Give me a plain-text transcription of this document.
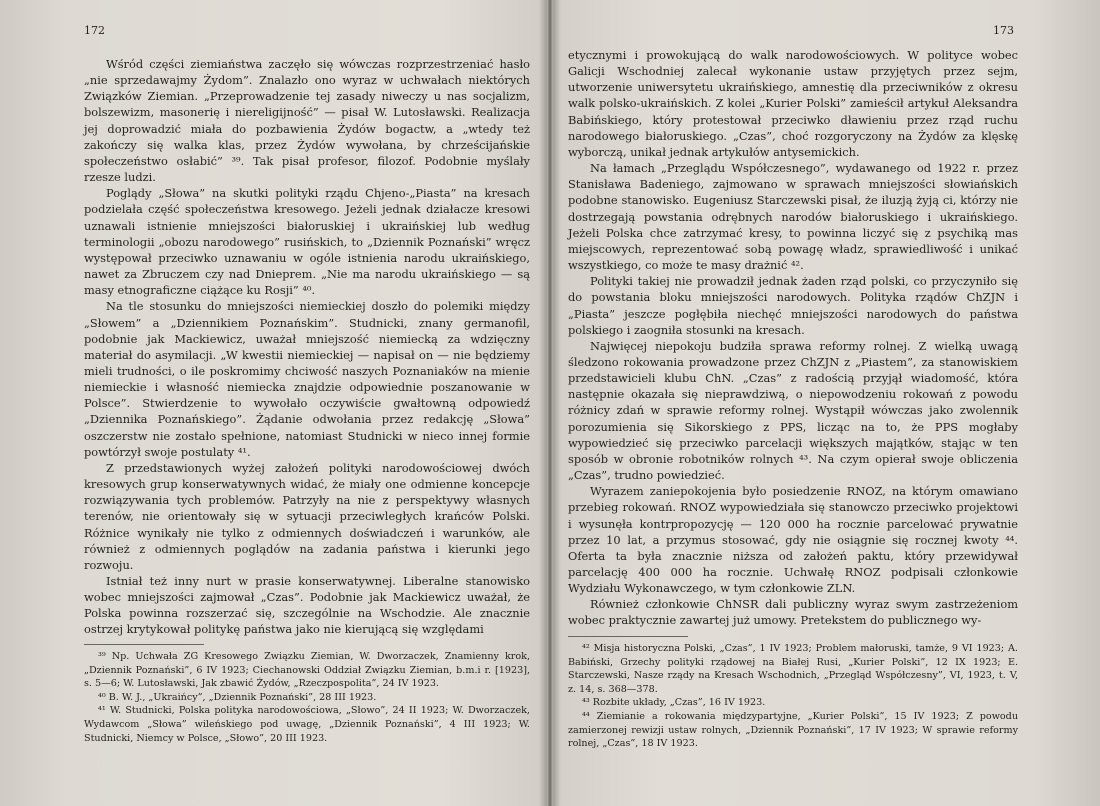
172

Wśród części ziemiaństwa zaczęło się wówczas rozprzestrzeniać hasło „nie sprzedawajmy Żydom”. Znalazło ono wyraz w uchwałach niektórych Związków Ziemian. „Przeprowadzenie tej zasady niweczy u nas socjalizm, bolszewizm, masonerię i niereligijność” — pisał W. Lutosławski. Realizacja jej doprowadzić miała do pozbawienia Żydów bogactw, a „wtedy też zakończy się walka klas, przez Żydów wywołana, by chrześcijańskie społeczeństwo osłabić” ³⁹. Tak pisał profesor, filozof. Podobnie myślały rzesze ludzi.

Poglądy „Słowa” na skutki polityki rządu Chjeno-„Piasta” na kresach podzielała część społeczeństwa kresowego. Jeżeli jednak działacze kresowi uznawali istnienie mniejszości białoruskiej i ukraińskiej lub według terminologii „obozu narodowego” rusińskich, to „Dziennik Poznański” wręcz występował przeciwko uznawaniu w ogóle istnienia narodu ukraińskiego, nawet za Zbruczem czy nad Dnieprem. „Nie ma narodu ukraińskiego — są masy etnograficzne ciążące ku Rosji” ⁴⁰.

Na tle stosunku do mniejszości niemieckiej doszło do polemiki między „Słowem” a „Dziennikiem Poznańskim”. Studnicki, znany germanofil, podobnie jak Mackiewicz, uważał mniejszość niemiecką za wdzięczny materiał do asymilacji. „W kwestii niemieckiej — napisał on — nie będziemy mieli trudności, o ile poskromimy chciwość naszych Poznaniaków na mienie niemieckie i własność niemiecka znajdzie odpowiednie poszanowanie w Polsce”. Stwierdzenie to wywołało oczywiście gwałtowną odpowiedź „Dziennika Poznańskiego”. Żądanie odwołania przez redakcję „Słowa” oszczerstw nie zostało spełnione, natomiast Studnicki w nieco innej formie powtórzył swoje postulaty ⁴¹.

Z przedstawionych wyżej założeń polityki narodowościowej dwóch kresowych grup konserwatywnych widać, że miały one odmienne koncepcje rozwiązywania tych problemów. Patrzyły na nie z perspektywy własnych terenów, nie orientowały się w sytuacji przeciwległych krańców Polski. Różnice wynikały nie tylko z odmiennych doświadczeń i warunków, ale również z odmiennych poglądów na zadania państwa i kierunki jego rozwoju.

Istniał też inny nurt w prasie konserwatywnej. Liberalne stanowisko wobec mniejszości zajmował „Czas”. Podobnie jak Mackiewicz uważał, że Polska powinna rozszerzać się, szczególnie na Wschodzie. Ale znacznie ostrzej krytykował politykę państwa jako nie kierującą się względami

³⁹ Np. Uchwała ZG Kresowego Związku Ziemian, W. Dworzaczek, Znamienny krok, „Dziennik Poznański”, 6 IV 1923; Ciechanowski Oddział Związku Ziemian, b.m.i r. [1923], s. 5—6; W. Lutosławski, Jak zbawić Żydów, „Rzeczpospolita”, 24 IV 1923.

⁴⁰ B. W. J., „Ukraińcy”, „Dziennik Poznański”, 28 III 1923.

⁴¹ W. Studnicki, Polska polityka narodowościowa, „Słowo”, 24 II 1923; W. Dworzaczek, Wydawcom „Słowa” wileńskiego pod uwagę, „Dziennik Poznański”, 4 III 1923; W. Studnicki, Niemcy w Polsce, „Słowo”, 20 III 1923.

173

etycznymi i prowokującą do walk narodowościowych. W polityce wobec Galicji Wschodniej zalecał wykonanie ustaw przyjętych przez sejm, utworzenie uniwersytetu ukraińskiego, amnestię dla przeciwników z okresu walk polsko-ukraińskich. Z kolei „Kurier Polski” zamieścił artykuł Aleksandra Babińskiego, który protestował przeciwko dławieniu przez rząd ruchu narodowego białoruskiego. „Czas”, choć rozgoryczony na Żydów za klęskę wyborczą, unikał jednak artykułów antysemickich.

Na łamach „Przeglądu Współczesnego”, wydawanego od 1922 r. przez Stanisława Badeniego, zajmowano w sprawach mniejszości słowiańskich podobne stanowisko. Eugeniusz Starczewski pisał, że iluzją żyją ci, którzy nie dostrzegają powstania odrębnych narodów białoruskiego i ukraińskiego. Jeżeli Polska chce zatrzymać kresy, to powinna liczyć się z psychiką mas miejscowych, reprezentować sobą powagę władz, sprawiedliwość i unikać wszystkiego, co może te masy drażnić ⁴².

Polityki takiej nie prowadził jednak żaden rząd polski, co przyczyniło się do powstania bloku mniejszości narodowych. Polityka rządów ChZJN i „Piasta” jeszcze pogłębiła niechęć mniejszości narodowych do państwa polskiego i zaogniła stosunki na kresach.

Najwięcej niepokoju budziła sprawa reformy rolnej. Z wielką uwagą śledzono rokowania prowadzone przez ChZJN z „Piastem”, za stanowiskiem przedstawicieli klubu ChN. „Czas” z radością przyjął wiadomość, która następnie okazała się nieprawdziwą, o niepowodzeniu rokowań z powodu różnicy zdań w sprawie reformy rolnej. Wystąpił wówczas jako zwolennik porozumienia się Sikorskiego z PPS, licząc na to, że PPS mogłaby wypowiedzieć się przeciwko parcelacji większych majątków, stając w ten sposób w obronie robotników rolnych ⁴³. Na czym opierał swoje obliczenia „Czas”, trudno powiedzieć.

Wyrazem zaniepokojenia było posiedzenie RNOZ, na którym omawiano przebieg rokowań. RNOZ wypowiedziała się stanowczo przeciwko projektowi i wysunęła kontrpropozycję — 120 000 ha rocznie parcelować prywatnie przez 10 lat, a przymus stosować, gdy nie osiągnie się rocznej kwoty ⁴⁴. Oferta ta była znacznie niższa od założeń paktu, który przewidywał parcelację 400 000 ha rocznie. Uchwałę RNOZ podpisali członkowie Wydziału Wykonawczego, w tym członkowie ZLN.

Również członkowie ChNSR dali publiczny wyraz swym zastrzeżeniom wobec praktycznie zawartej już umowy. Pretekstem do publicznego wy-

⁴² Misja historyczna Polski, „Czas”, 1 IV 1923; Problem małoruski, tamże, 9 VI 1923; A. Babiński, Grzechy polityki rządowej na Białej Rusi, „Kurier Polski”, 12 IX 1923; E. Starczewski, Nasze rządy na Kresach Wschodnich, „Przegląd Współczesny”, VI, 1923, t. V, z. 14, s. 368—378.

⁴³ Rozbite układy, „Czas”, 16 IV 1923.

⁴⁴ Ziemianie a rokowania międzypartyjne, „Kurier Polski”, 15 IV 1923; Z powodu zamierzonej rewizji ustaw rolnych, „Dziennik Poznański”, 17 IV 1923; W sprawie reformy rolnej, „Czas”, 18 IV 1923.
